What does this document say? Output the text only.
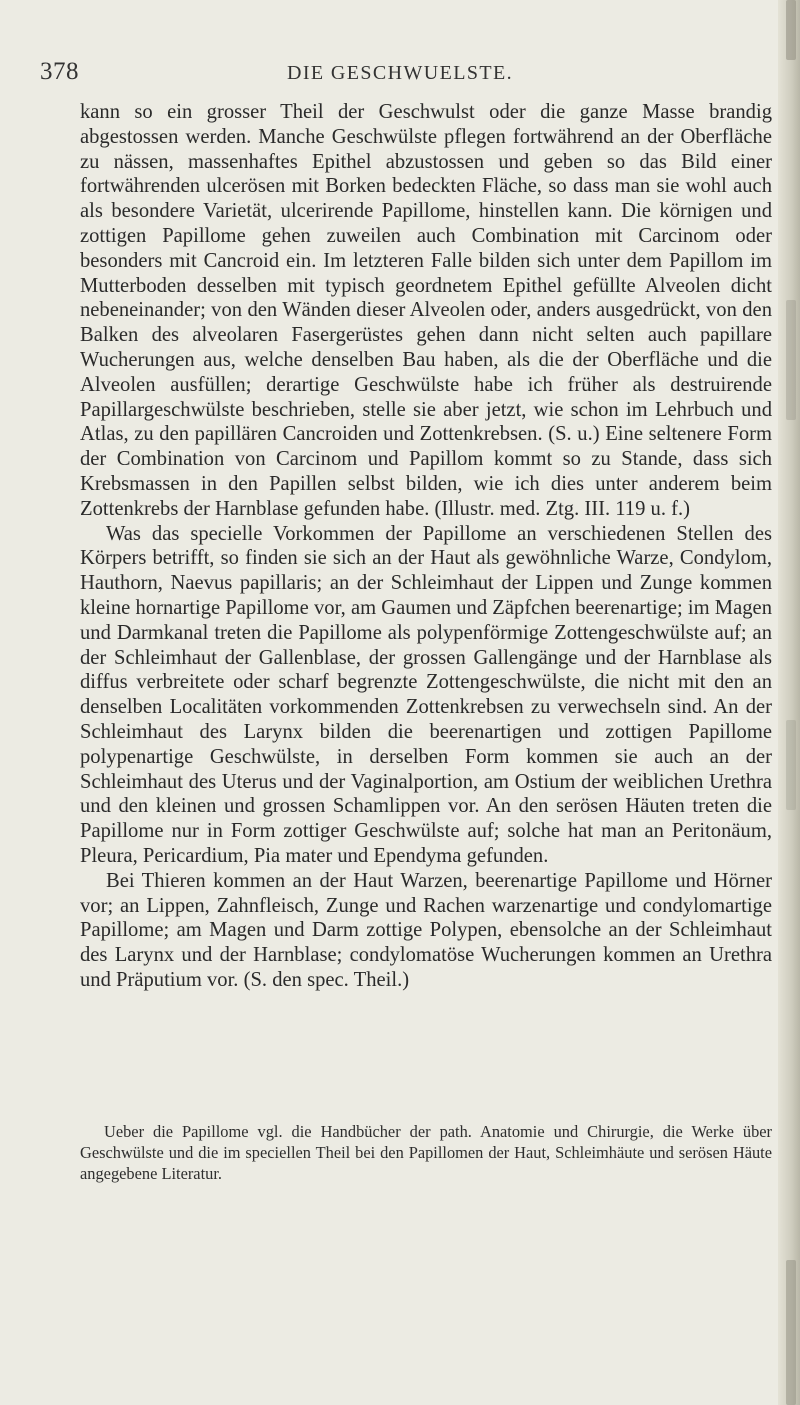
378	DIE GESCHWUELSTE.

kann so ein grosser Theil der Geschwulst oder die ganze Masse brandig abgestossen werden. Manche Geschwülste pflegen fortwährend an der Oberfläche zu nässen, massenhaftes Epithel abzustossen und geben so das Bild einer fortwährenden ulcerösen mit Borken bedeckten Fläche, so dass man sie wohl auch als besondere Varietät, ulcerirende Papillome, hinstellen kann. Die körnigen und zottigen Papillome gehen zuweilen auch Combination mit Carcinom oder besonders mit Cancroid ein. Im letzteren Falle bilden sich unter dem Papillom im Mutterboden desselben mit typisch geordnetem Epithel gefüllte Alveolen dicht nebeneinander; von den Wänden dieser Alveolen oder, anders ausgedrückt, von den Balken des alveolaren Fasergerüstes gehen dann nicht selten auch papillare Wucherungen aus, welche denselben Bau haben, als die der Oberfläche und die Alveolen ausfüllen; derartige Geschwülste habe ich früher als destruirende Papillargeschwülste beschrieben, stelle sie aber jetzt, wie schon im Lehrbuch und Atlas, zu den papillären Cancroiden und Zottenkrebsen. (S. u.) Eine seltenere Form der Combination von Carcinom und Papillom kommt so zu Stande, dass sich Krebsmassen in den Papillen selbst bilden, wie ich dies unter anderem beim Zottenkrebs der Harnblase gefunden habe. (Illustr. med. Ztg. III. 119 u. f.)

Was das specielle Vorkommen der Papillome an verschiedenen Stellen des Körpers betrifft, so finden sie sich an der Haut als gewöhnliche Warze, Condylom, Hauthorn, Naevus papillaris; an der Schleimhaut der Lippen und Zunge kommen kleine hornartige Papillome vor, am Gaumen und Zäpfchen beerenartige; im Magen und Darmkanal treten die Papillome als polypenförmige Zottengeschwülste auf; an der Schleimhaut der Gallenblase, der grossen Gallengänge und der Harnblase als diffus verbreitete oder scharf begrenzte Zottengeschwülste, die nicht mit den an denselben Localitäten vorkommenden Zottenkrebsen zu verwechseln sind. An der Schleimhaut des Larynx bilden die beerenartigen und zottigen Papillome polypenartige Geschwülste, in derselben Form kommen sie auch an der Schleimhaut des Uterus und der Vaginalportion, am Ostium der weiblichen Urethra und den kleinen und grossen Schamlippen vor. An den serösen Häuten treten die Papillome nur in Form zottiger Geschwülste auf; solche hat man an Peritonäum, Pleura, Pericardium, Pia mater und Ependyma gefunden.

Bei Thieren kommen an der Haut Warzen, beerenartige Papillome und Hörner vor; an Lippen, Zahnfleisch, Zunge und Rachen warzenartige und condylomartige Papillome; am Magen und Darm zottige Polypen, ebensolche an der Schleimhaut des Larynx und der Harnblase; condylomatöse Wucherungen kommen an Urethra und Präputium vor. (S. den spec. Theil.)

Ueber die Papillome vgl. die Handbücher der path. Anatomie und Chirurgie, die Werke über Geschwülste und die im speciellen Theil bei den Papillomen der Haut, Schleimhäute und serösen Häute angegebene Literatur.
